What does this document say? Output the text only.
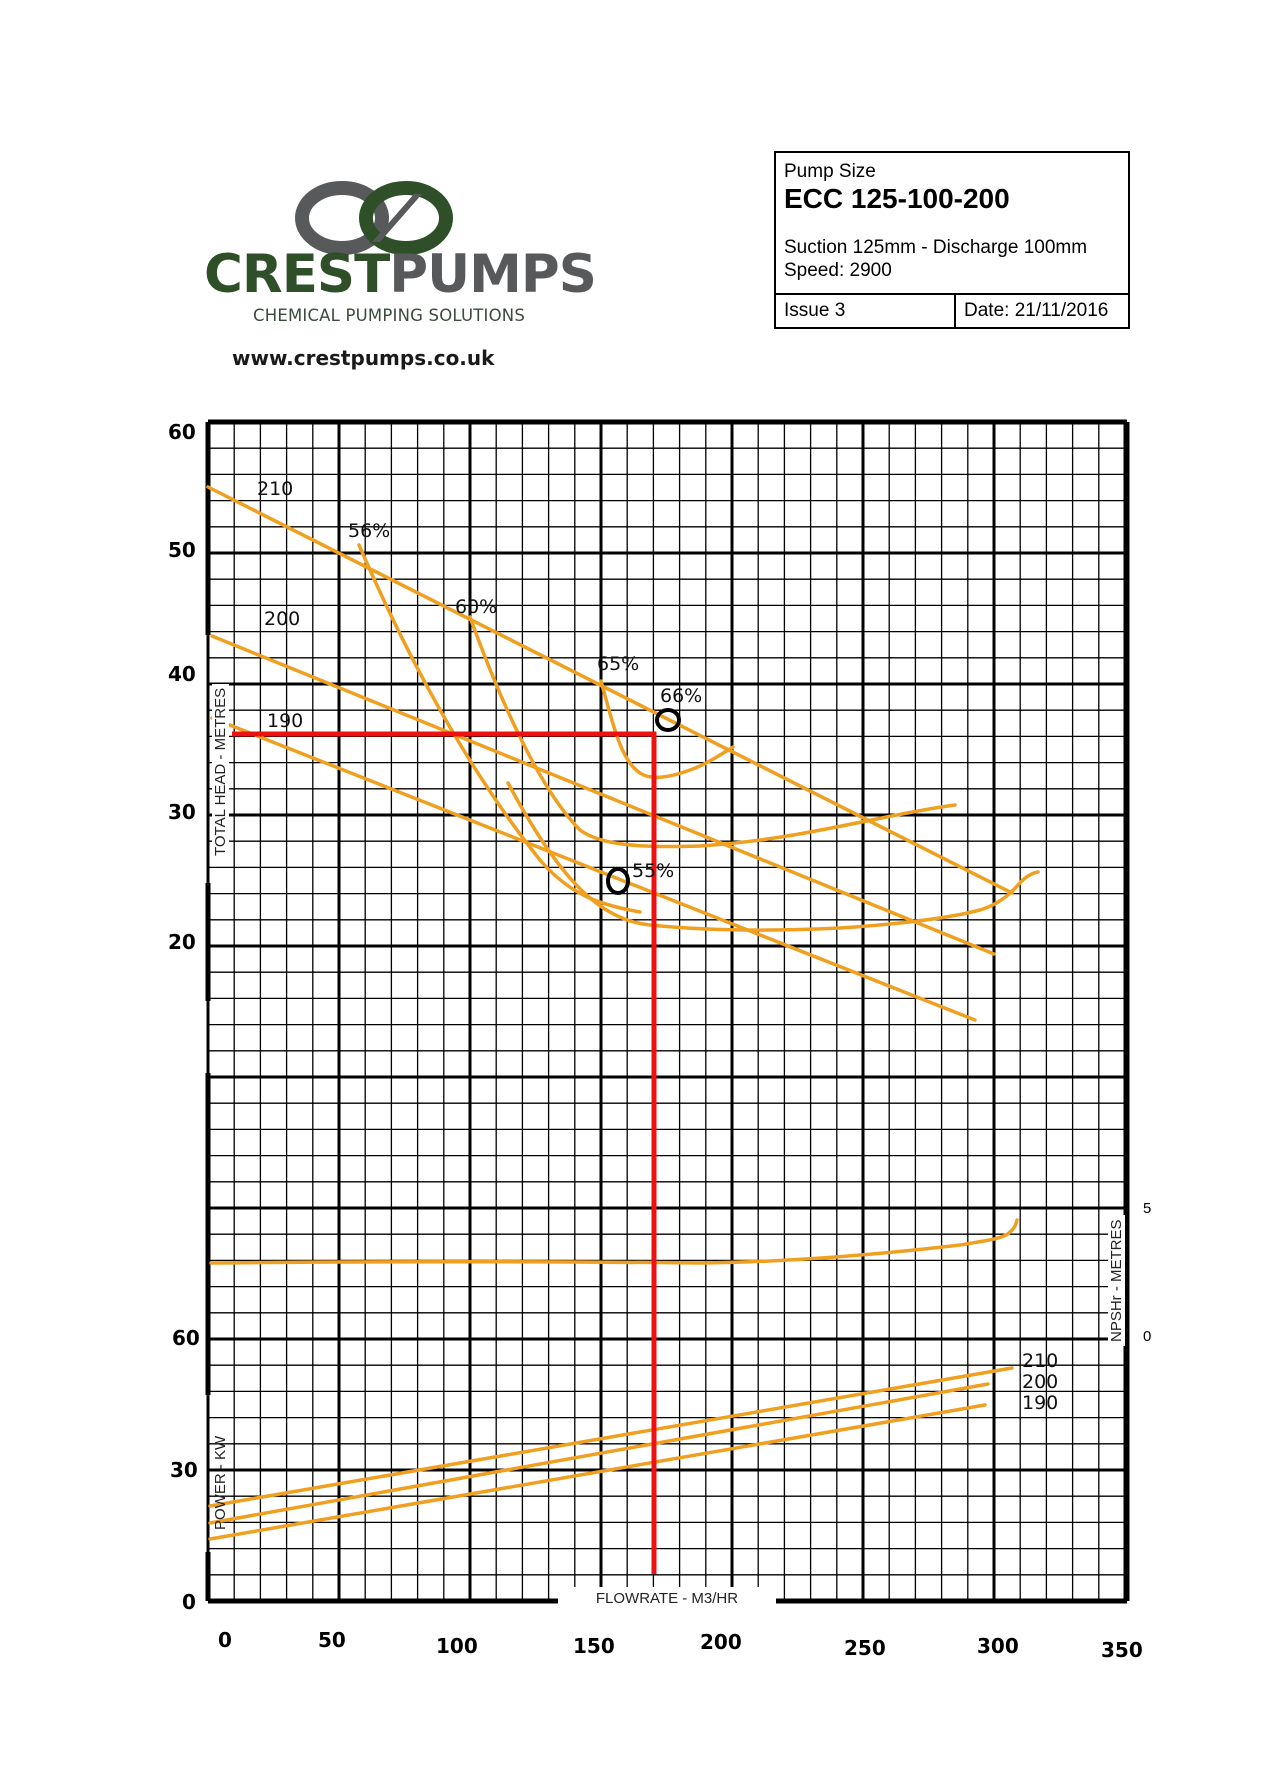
CRESTPUMPS
CHEMICAL PUMPING SOLUTIONS
www.crestpumps.co.uk
Pump Size
ECC 125-100-200
Suction 125mm - Discharge 100mm
Speed: 2900
Issue 3	Date: 21/11/2016
60
50
40
30
20
60
30
0
5
0
0	50	100	150	200	250	300	350
TOTAL HEAD - METRES
POWER - KW
NPSHr - METRES
FLOWRATE - M3/HR
210
200
190
56%
60%
65%
66%
55%
210
200
190
